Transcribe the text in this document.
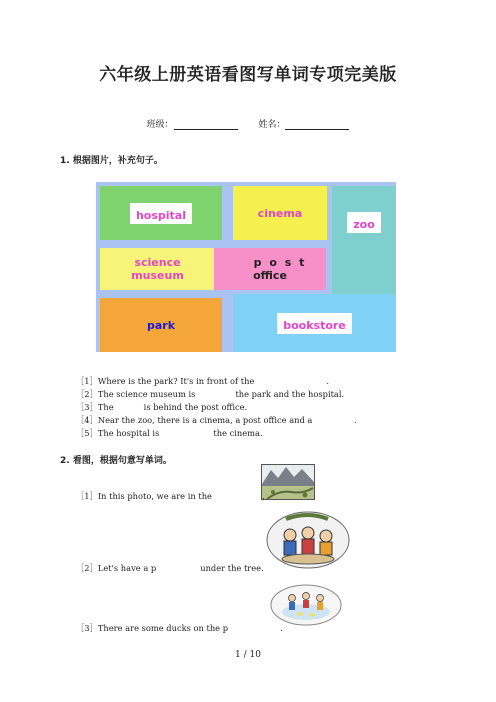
六年级上册英语看图写单词专项完美版
班级：	姓名：
1. 根据图片，补充句子。
hospital	cinema
zoo
science
museum
p o s t
office
park	bookstore
［1］Where is the park? It's in front of the	.
［2］The science museum is	the park and the hospital.
［3］The	is behind the post office.
［4］Near the zoo, there is a cinema, a post office and a	.
［5］The hospital is	the cinema.
2. 看图，根据句意写单词。
［1］In this photo, we are in the	.
［2］Let's have a p	under the tree.
［3］There are some ducks on the p	.
1 / 10
